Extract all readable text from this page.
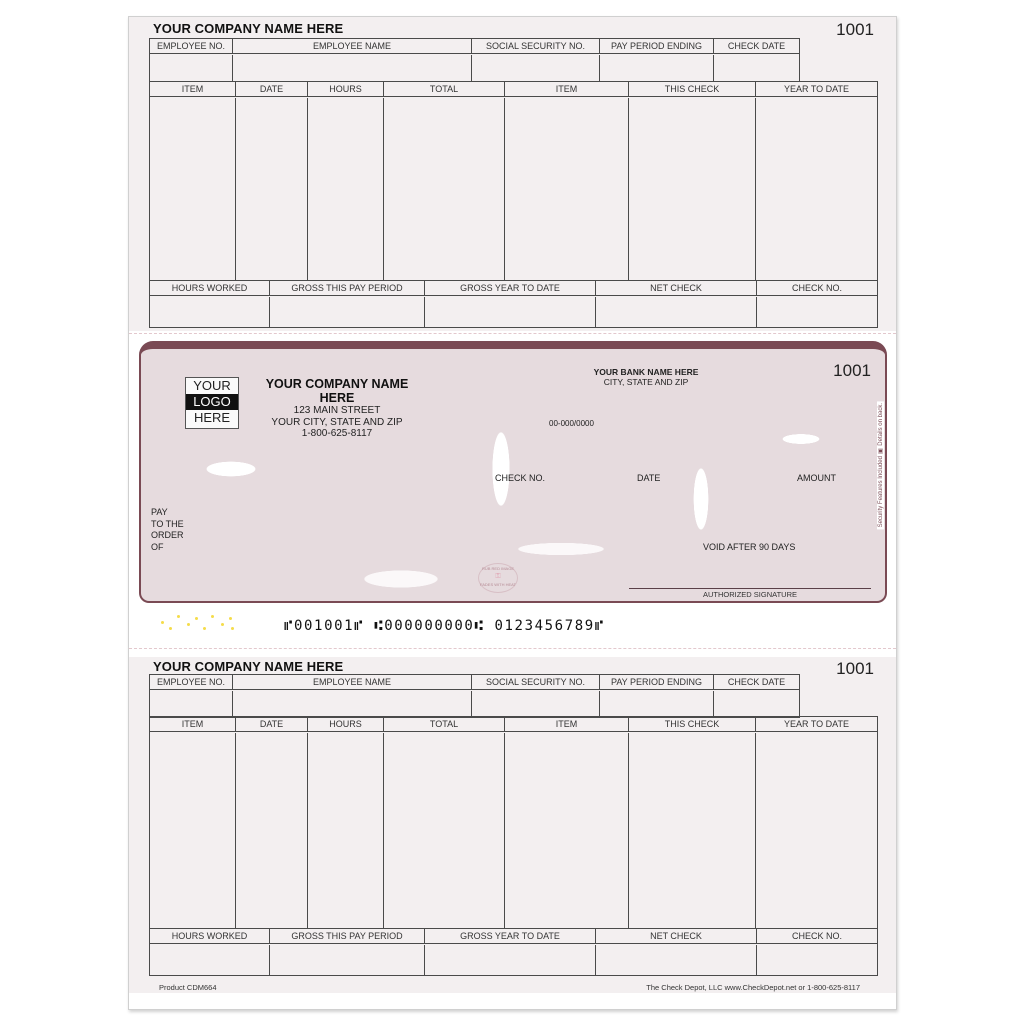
YOUR COMPANY NAME HERE	1001
EMPLOYEE NO.	EMPLOYEE NAME	SOCIAL SECURITY NO.	PAY PERIOD ENDING	CHECK DATE
ITEM	DATE	HOURS	TOTAL	ITEM	THIS CHECK	YEAR TO DATE
HOURS WORKED	GROSS THIS PAY PERIOD	GROSS YEAR TO DATE	NET CHECK	CHECK NO.
THE FACE OF THIS DOCUMENT HAS A COLORED BACKGROUND ON WHITE PAPER
YOUR
LOGO
HERE
YOUR COMPANY NAME HERE
123 MAIN STREET
YOUR CITY, STATE AND ZIP
1-800-625-8117
YOUR BANK NAME HERE
CITY, STATE AND ZIP
1001
00-000/0000
CHECK NO.	DATE	AMOUNT
PAY
TO THE
ORDER
OF	VOID AFTER 90 DAYS
RUB RED IMAGE
⚿
FADES WITH HEAT
AUTHORIZED SIGNATURE
Security Features Included ▣ Details on back.
⑈001001⑈ ⑆000000000⑆ 0123456789⑈
YOUR COMPANY NAME HERE	1001
EMPLOYEE NO.	EMPLOYEE NAME	SOCIAL SECURITY NO.	PAY PERIOD ENDING	CHECK DATE
ITEM	DATE	HOURS	TOTAL	ITEM	THIS CHECK	YEAR TO DATE
HOURS WORKED	GROSS THIS PAY PERIOD	GROSS YEAR TO DATE	NET CHECK	CHECK NO.
Product CDM664	The Check Depot, LLC www.CheckDepot.net or 1-800-625-8117
